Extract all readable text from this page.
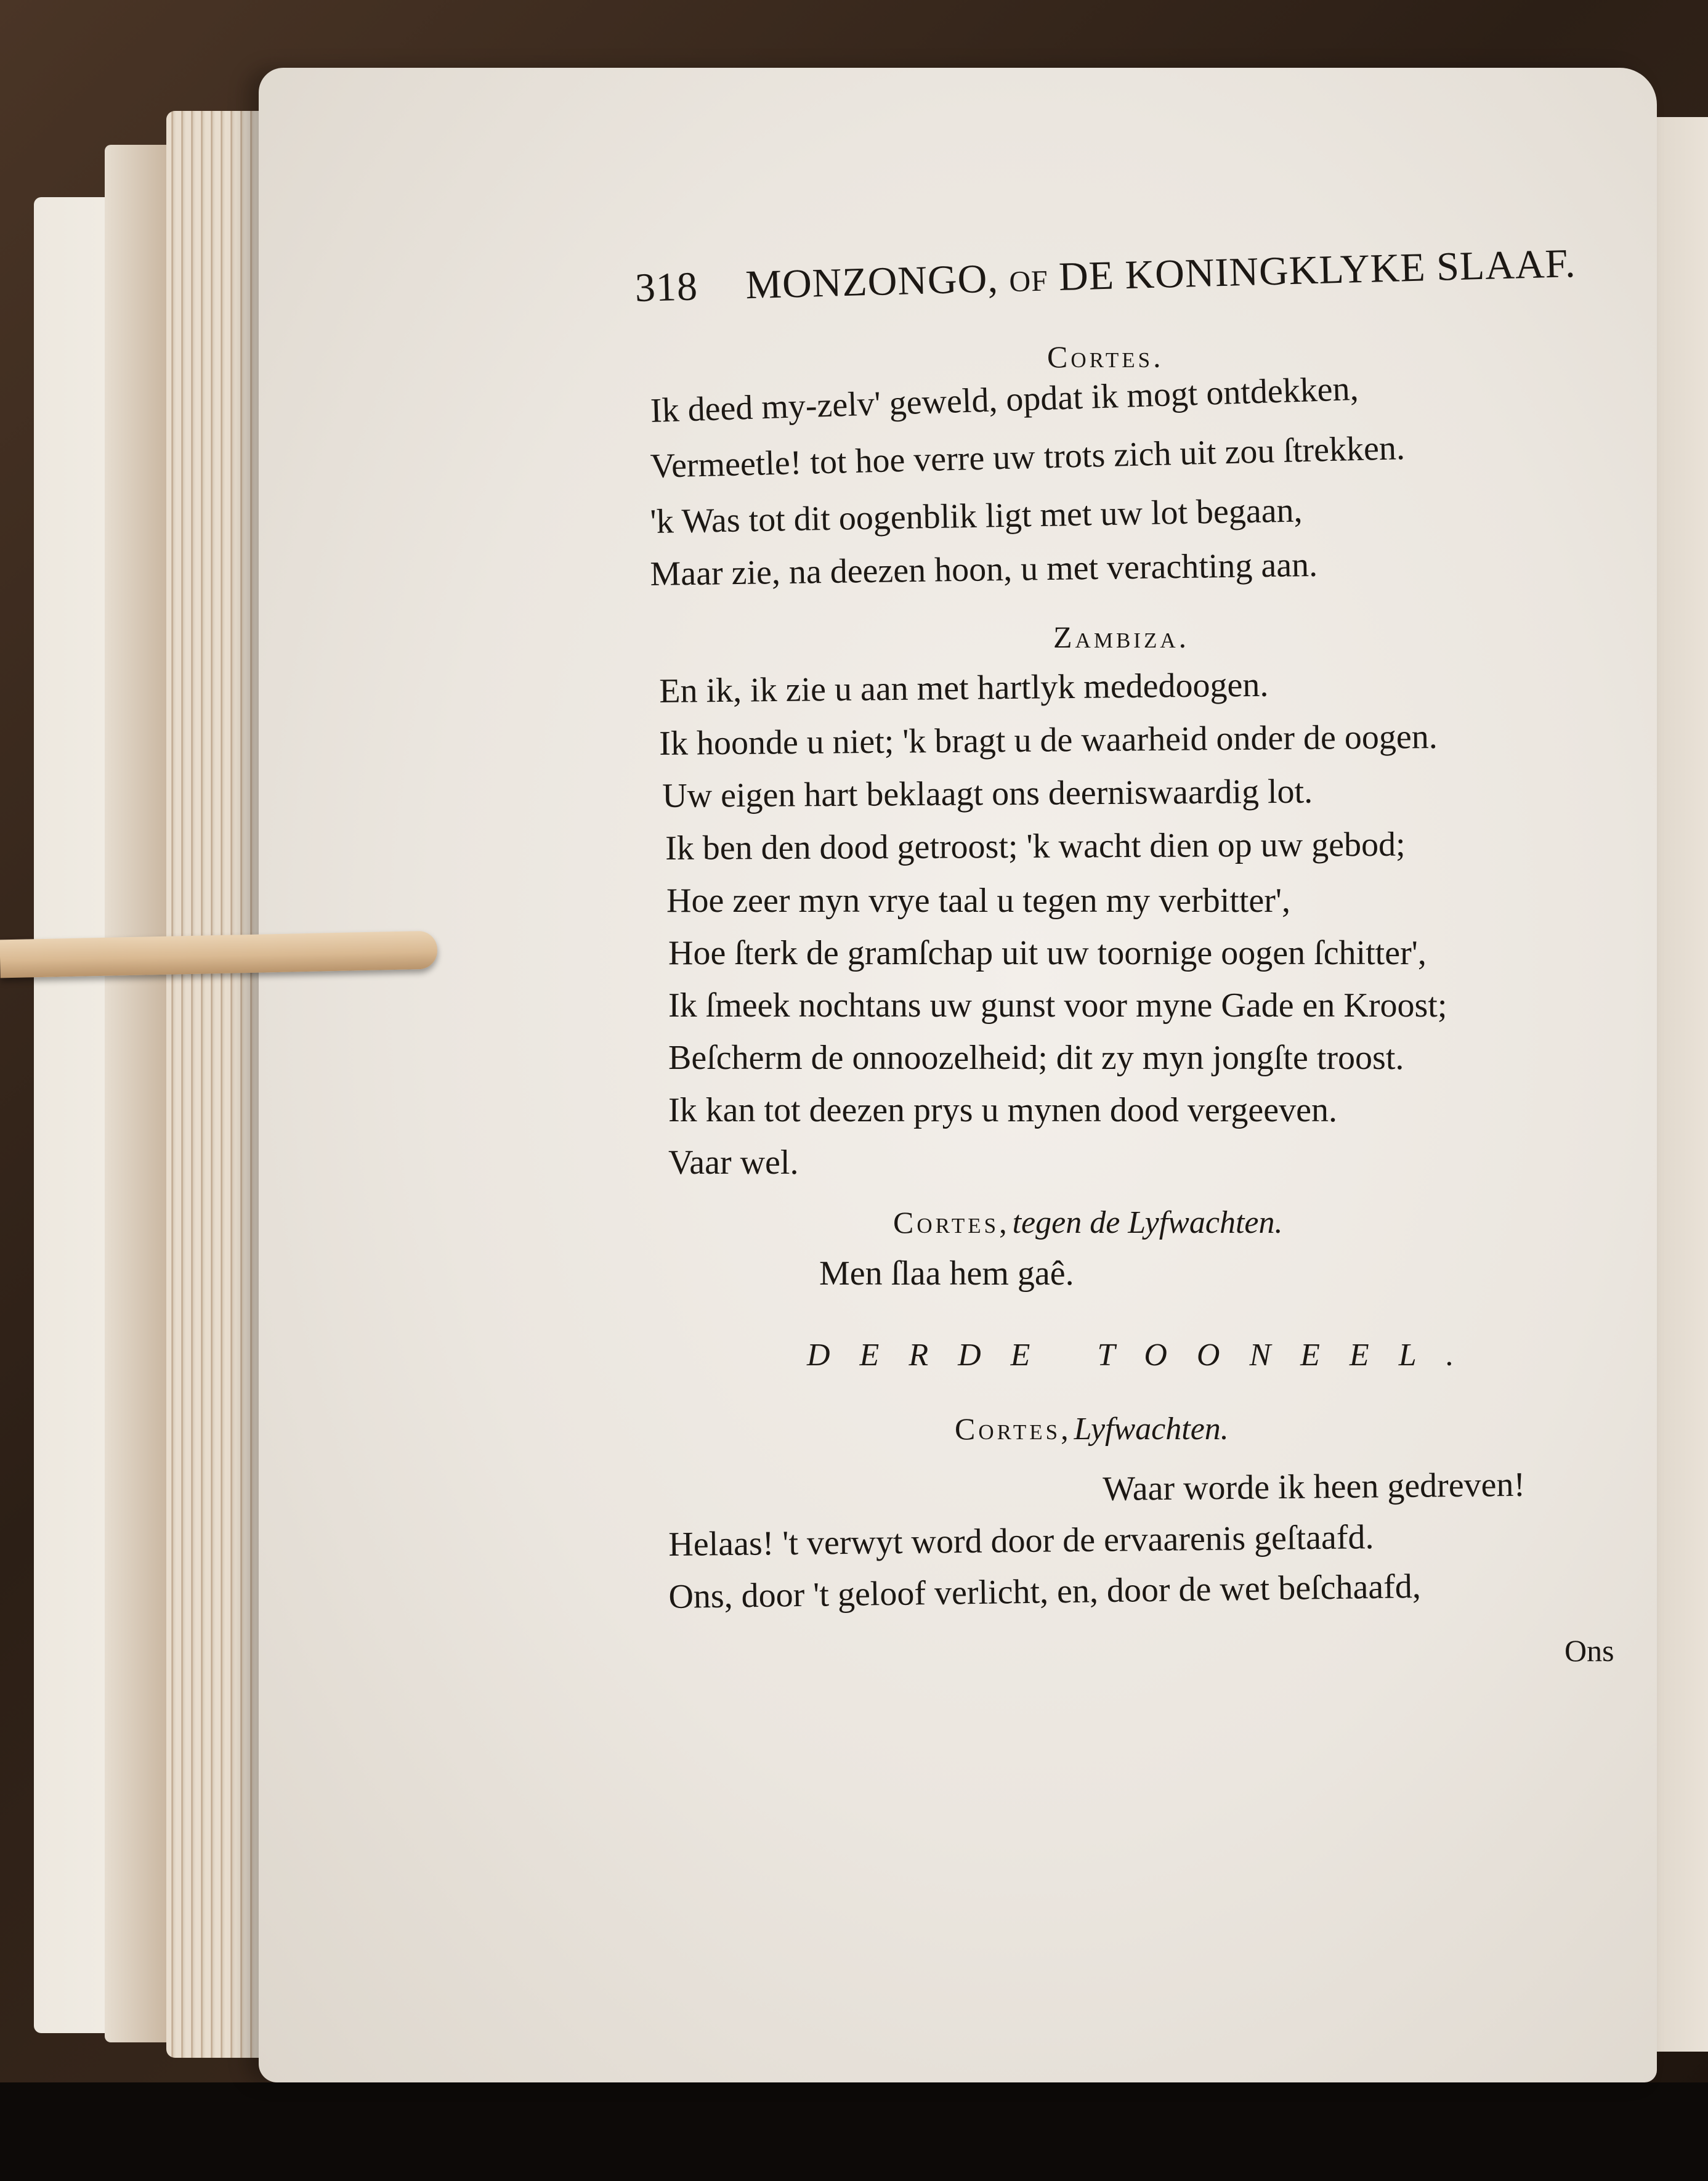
318 MONZONGO, OF DE KONINGKLYKE SLAAF.
Cortes.
Ik deed my-zelv' geweld, opdat ik mogt ontdekken,
Vermeetle! tot hoe verre uw trots zich uit zou ſtrekken.
'k Was tot dit oogenblik ligt met uw lot begaan,
Maar zie, na deezen hoon, u met verachting aan.
Zambiza.
En ik, ik zie u aan met hartlyk mededoogen.
Ik hoonde u niet; 'k bragt u de waarheid onder de oogen.
Uw eigen hart beklaagt ons deerniswaardig lot.
Ik ben den dood getroost; 'k wacht dien op uw gebod;
Hoe zeer myn vrye taal u tegen my verbitter',
Hoe ſterk de gramſchap uit uw toornige oogen ſchitter',
Ik ſmeek nochtans uw gunst voor myne Gade en Kroost;
Beſcherm de onnoozelheid; dit zy myn jongſte troost.
Ik kan tot deezen prys u mynen dood vergeeven.
Vaar wel.
Cortes, tegen de Lyfwachten.
Men ſlaa hem gaê.
DERDE TOONEEL.
Cortes, Lyfwachten.
Waar worde ik heen gedreven!
Helaas! 't verwyt word door de ervaarenis geſtaafd.
Ons, door 't geloof verlicht, en, door de wet beſchaafd,
Ons
